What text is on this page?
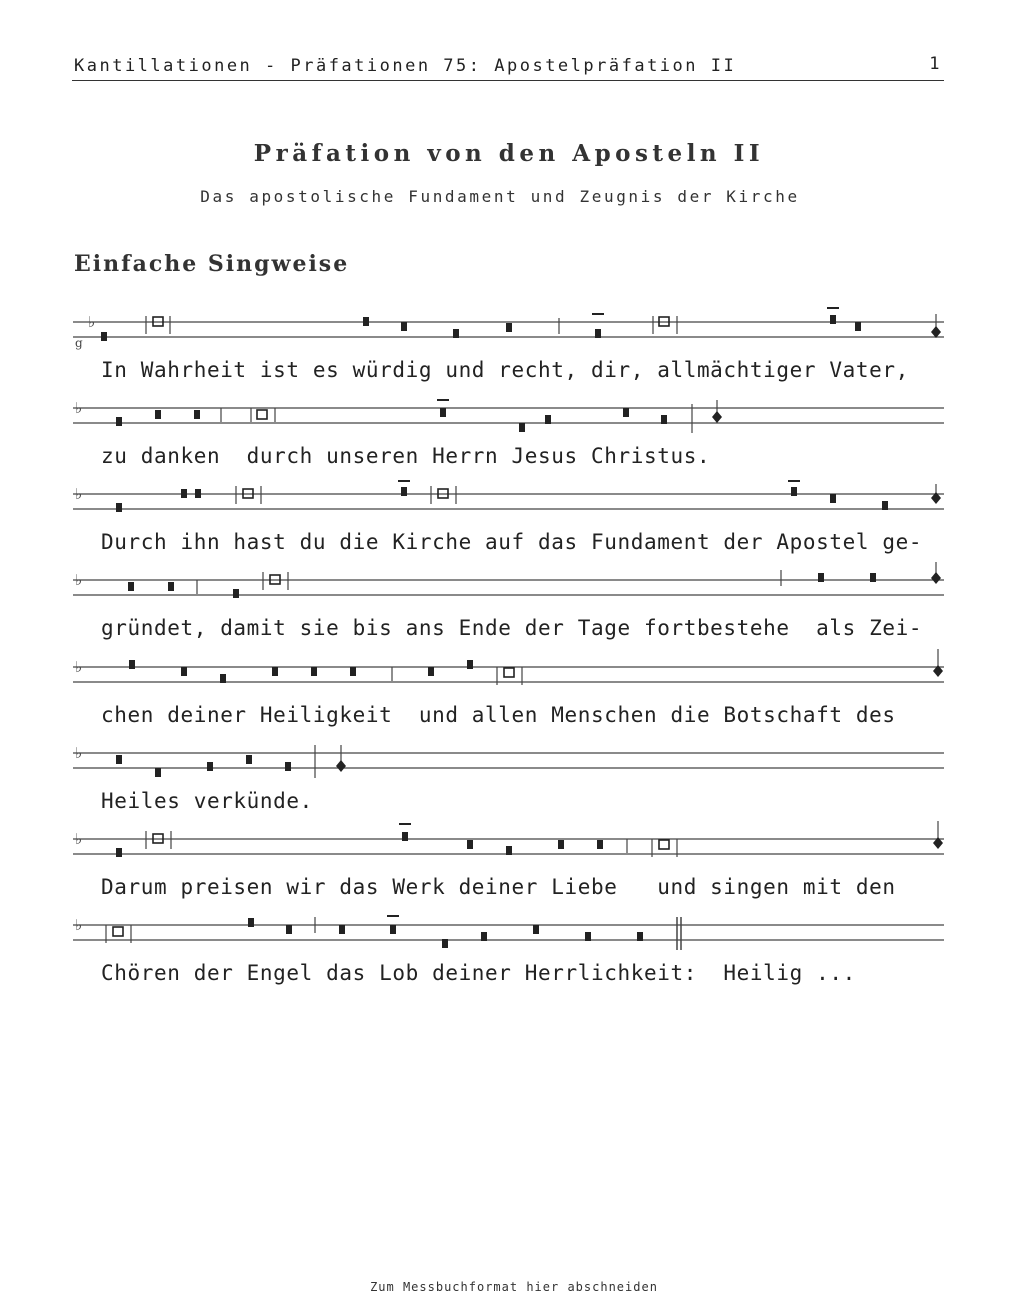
Kantillationen - Präfationen 75: Apostelpräfation II	1
Präfation von den Aposteln II
Das apostolische Fundament und Zeugnis der Kirche
Einfache Singweise
♭
g
In Wahrheit ist es würdig und recht, dir, allmächtiger Vater,
♭
zu danken  durch unseren Herrn Jesus Christus.
♭
Durch ihn hast du die Kirche auf das Fundament der Apostel ge-
♭
gründet, damit sie bis ans Ende der Tage fortbestehe  als Zei-
♭
chen deiner Heiligkeit  und allen Menschen die Botschaft des
♭
Heiles verkünde.
♭
Darum preisen wir das Werk deiner Liebe   und singen mit den
♭
Chören der Engel das Lob deiner Herrlichkeit:  Heilig ...
Zum Messbuchformat hier abschneiden
